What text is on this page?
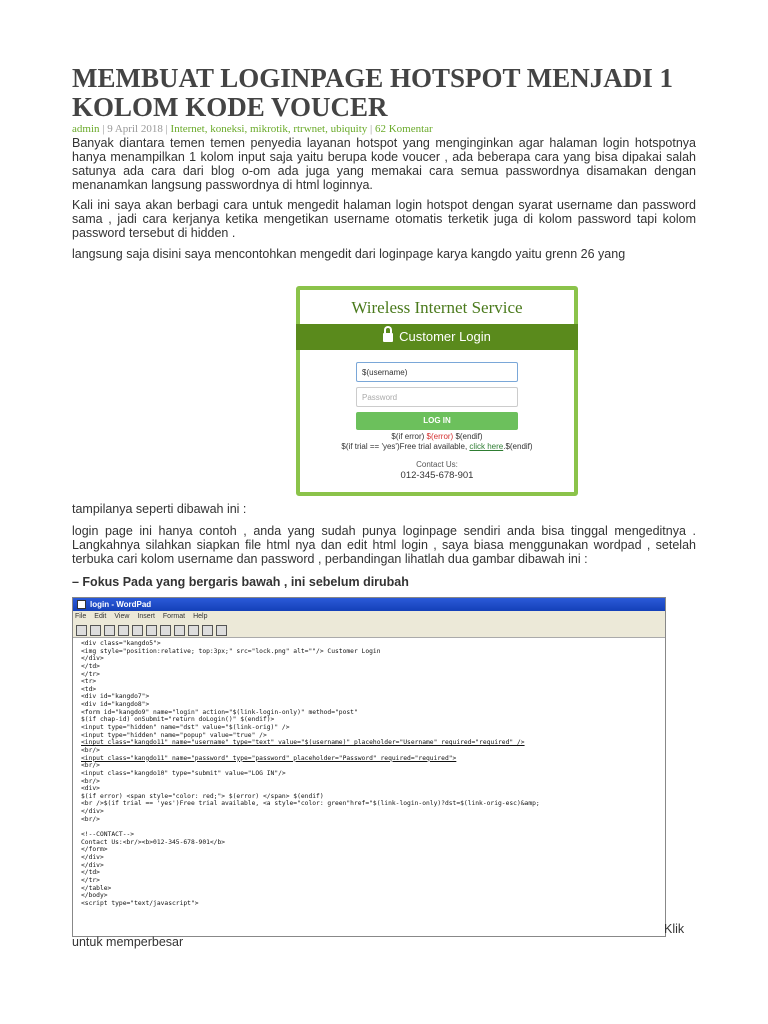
MEMBUAT LOGINPAGE HOTSPOT MENJADI 1 KOLOM KODE VOUCER
admin | 9 April 2018 | Internet, koneksi, mikrotik, rtrwnet, ubiquity | 62 Komentar

Banyak diantara temen temen penyedia layanan hotspot yang menginginkan agar halaman login hotspotnya hanya menampilkan 1 kolom input saja yaitu berupa kode voucer , ada beberapa cara yang bisa dipakai salah satunya ada cara dari blog o-om ada juga yang memakai cara semua passwordnya disamakan dengan menanamkan langsung passwordnya di html loginnya.

Kali ini saya akan berbagi cara untuk mengedit halaman login hotspot dengan syarat username dan password sama , jadi cara kerjanya ketika mengetikan username otomatis terketik juga di kolom password tapi kolom password tersebut di hidden .

langsung saja disini saya mencontohkan mengedit dari loginpage karya kangdo yaitu grenn 26 yang

Wireless Internet Service
Customer Login
$(username)
Password
LOG IN
$(if error) $(error) $(endif)
$(if trial == 'yes')Free trial available, click here.$(endif)
Contact Us:
012-345-678-901

tampilanya seperti dibawah ini :

login page ini hanya contoh , anda yang sudah punya loginpage sendiri anda bisa tinggal mengeditnya . Langkahnya silahkan siapkan file html nya dan edit html login , saya biasa menggunakan wordpad , setelah terbuka cari kolom username dan password , perbandingan lihatlah dua gambar dibawah ini :

– Fokus Pada yang bergaris bawah , ini sebelum dirubah

login - WordPad
File Edit View Insert Format Help
<div class="kangdo5">
<img style="position:relative; top:3px;" src="lock.png" alt=""/> Customer Login
</div>
</td>
</tr>
<tr>
<td>
<div id="kangdo7">
<div id="kangdo8">
<form id="kangdo9" name="login" action="$(link-login-only)" method="post"
$(if chap-id) onSubmit="return doLogin()" $(endif)>
<input type="hidden" name="dst" value="$(link-orig)" />
<input type="hidden" name="popup" value="true" />
<input class="kangdo11" name="username" type="text" value="$(username)" placeholder="Username" required="required" />
<br/>
<input class="kangdo11" name="password" type="password" placeholder="Password" required="required">
<br/>
<input class="kangdo10" type="submit" value="LOG IN"/>
<br/>
<div>
$(if error) <span style="color: red;"> $(error) </span> $(endif)
<br />$(if trial == 'yes')Free trial available, <a style="color: green"href="$(link-login-only)?dst=$(link-orig-esc)&amp;
</div>
<br/>
<!--CONTACT-->
Contact Us:<br/><b>012-345-678-901</b>
</form>
</div>
</div>
</td>
</tr>
</table>
</body>
<script type="text/javascript">
Klik
untuk memperbesar
